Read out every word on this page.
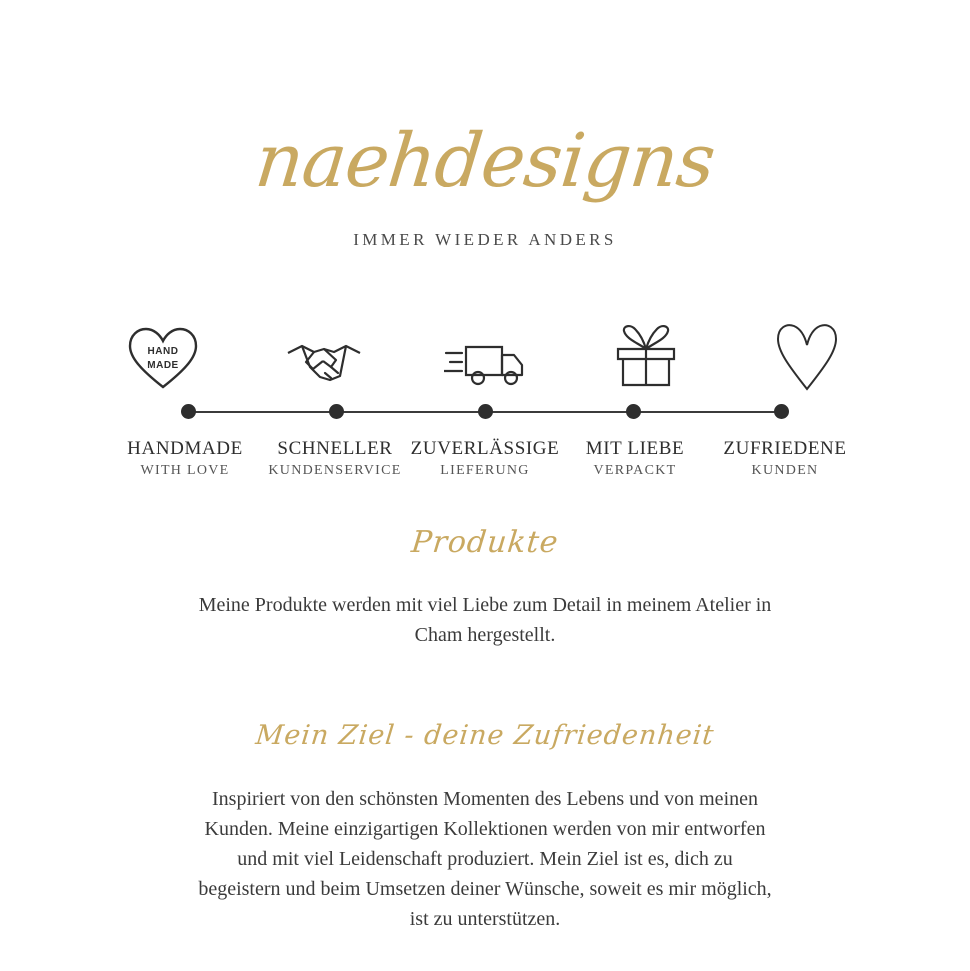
naehdesigns
IMMER WIEDER ANDERS
HAND
MADE
HANDMADE
WITH LOVE
SCHNELLER
KUNDENSERVICE
ZUVERLÄSSIGE
LIEFERUNG
MIT LIEBE
VERPACKT
ZUFRIEDENE
KUNDEN
Produkte
Meine Produkte werden mit viel Liebe zum Detail in meinem Atelier in Cham hergestellt.
Mein Ziel - deine Zufriedenheit
Inspiriert von den schönsten Momenten des Lebens und von meinen Kunden. Meine einzigartigen Kollektionen werden von mir entworfen und mit viel Leidenschaft produziert. Mein Ziel ist es, dich zu begeistern und beim Umsetzen deiner Wünsche, soweit es mir möglich, ist zu unterstützen.
